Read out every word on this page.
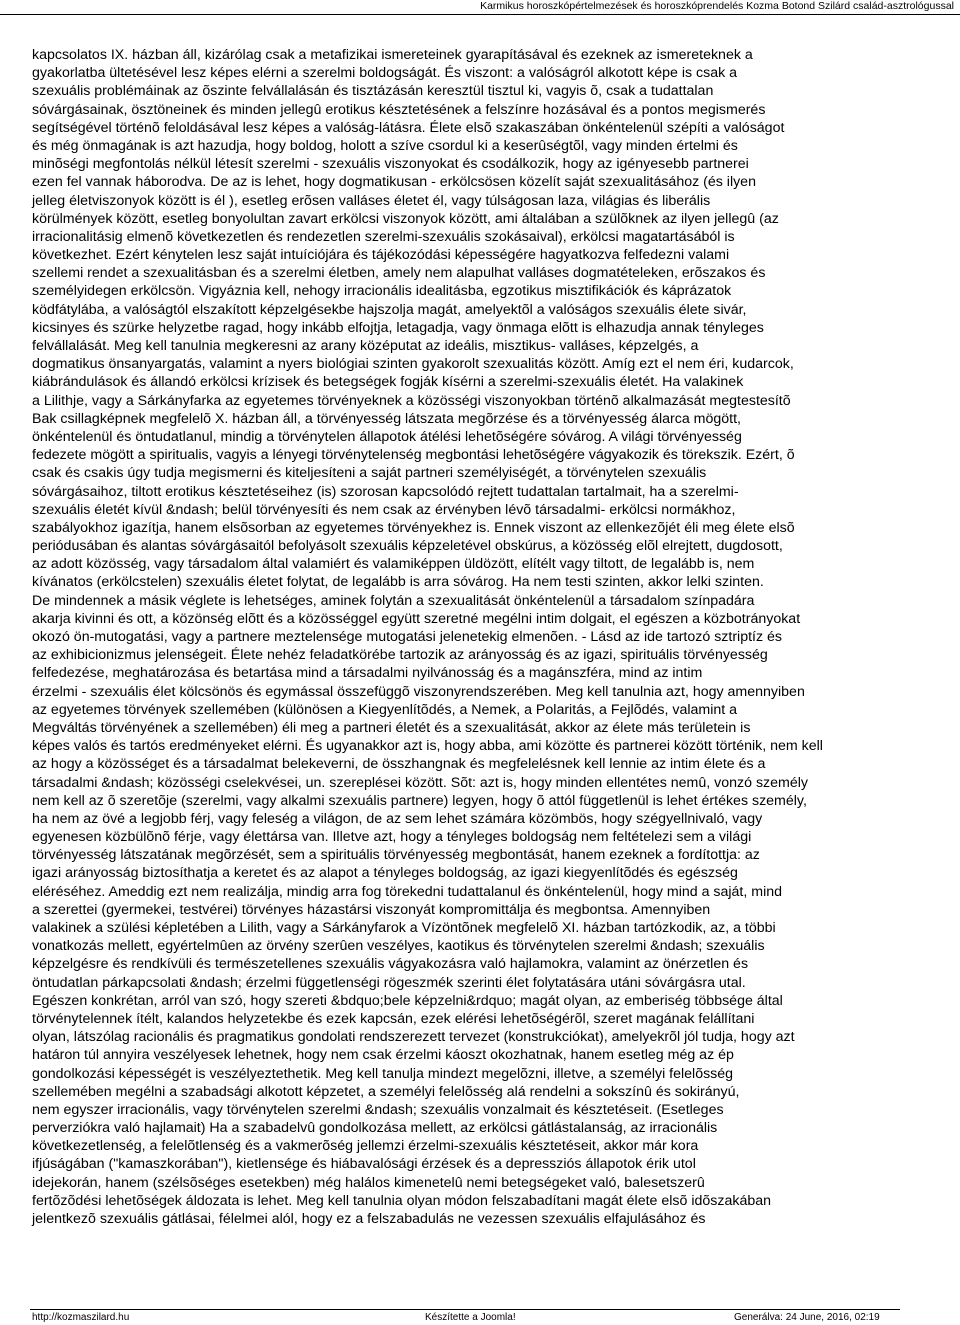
Karmikus horoszkópértelmezések és horoszkóprendelés Kozma Botond Szilárd család-asztrológussal
kapcsolatos IX. házban áll, kizárólag csak a metafizikai ismereteinek gyarapításával és ezeknek az ismereteknek a
gyakorlatba ültetésével lesz képes elérni a szerelmi boldogságát. És viszont: a valóságról alkotott képe is csak a
szexuális problémáinak az õszinte felvállalásán és tisztázásán keresztül tisztul ki, vagyis õ, csak a tudattalan
sóvárgásainak, ösztöneinek és minden jellegû erotikus késztetésének a felszínre hozásával és a pontos megismerés
segítségével történõ feloldásával lesz képes a valóság-látásra. Élete elsõ szakaszában önkéntelenül szépíti a valóságot
és még önmagának is azt hazudja, hogy boldog, holott a szíve csordul ki a keserûségtõl, vagy minden értelmi és
minõségi megfontolás nélkül létesít szerelmi - szexuális viszonyokat és csodálkozik, hogy az igényesebb partnerei
ezen fel vannak háborodva. De az is lehet, hogy dogmatikusan - erkölcsösen közelít saját szexualitásához (és ilyen
jelleg életviszonyok között is él ), esetleg erõsen valláses életet él, vagy túlságosan laza, világias és liberális
körülmények között, esetleg bonyolultan zavart erkölcsi viszonyok között, ami általában a szülõknek az ilyen jellegû (az
irracionalitásig elmenõ következetlen és rendezetlen szerelmi-szexuális szokásaival), erkölcsi magatartásából is
következhet. Ezért kénytelen lesz saját intuíciójára és tájékozódási képességére hagyatkozva felfedezni valami
szellemi rendet a szexualitásban és a szerelmi életben, amely nem alapulhat valláses dogmatételeken, erõszakos és
személyidegen erkölcsön. Vigyáznia kell, nehogy irracionális idealitásba, egzotikus misztifikációk és káprázatok
ködfátylába, a valóságtól elszakított képzelgésekbe hajszolja magát, amelyektõl a valóságos szexuális élete sivár,
kicsinyes és szürke helyzetbe ragad, hogy inkább elfojtja, letagadja, vagy önmaga elõtt is elhazudja annak tényleges
felvállalását. Meg kell tanulnia megkeresni az arany középutat az ideális, misztikus- valláses, képzelgés, a
dogmatikus önsanyargatás, valamint a nyers biológiai szinten gyakorolt szexualitás között. Amíg ezt el nem éri, kudarcok,
kiábrándulások és állandó erkölcsi krízisek és betegségek fogják kísérni a szerelmi-szexuális életét. Ha valakinek
a Lilithje, vagy a Sárkányfarka az egyetemes törvényeknek a közösségi viszonyokban történõ alkalmazását megtestesítõ
Bak csillagképnek megfelelõ X. házban áll, a törvényesség látszata megõrzése és a törvényesség álarca mögött,
önkéntelenül és öntudatlanul, mindig a törvénytelen állapotok átélési lehetõségére sóvárog. A világi törvényesség
fedezete mögött a spiritualis, vagyis a lényegi törvénytelenség megbontási lehetõségére vágyakozik és törekszik. Ezért, õ
csak és csakis úgy tudja megismerni és kiteljesíteni a saját partneri személyiségét, a törvénytelen szexuális
sóvárgásaihoz, tiltott erotikus késztetéseihez (is) szorosan kapcsolódó rejtett tudattalan tartalmait, ha a szerelmi-
szexuális életét kívül &ndash; belül törvényesíti és nem csak az érvényben lévõ társadalmi- erkölcsi normákhoz,
szabályokhoz igazítja, hanem elsõsorban az egyetemes törvényekhez is. Ennek viszont az ellenkezõjét éli meg élete elsõ
periódusában és alantas sóvárgásaitól befolyásolt szexuális képzeletével obskúrus, a közösség elõl elrejtett, dugdosott,
az adott közösség, vagy társadalom által valamiért és valamiképpen üldözött, elítélt vagy tiltott, de legalább is, nem
kívánatos (erkölcstelen) szexuális életet folytat, de legalább is arra sóvárog. Ha nem testi szinten, akkor lelki szinten.
De mindennek a másik véglete is lehetséges, aminek folytán a szexualitását önkéntelenül a társadalom színpadára
akarja kivinni és ott, a közönség elõtt és a közösséggel együtt szeretné megélni intim dolgait, el egészen a közbotrányokat
okozó ön-mutogatási, vagy a partnere meztelensége mutogatási jelenetekig elmenõen. - Lásd az ide tartozó sztriptíz és
az exhibicionizmus jelenségeit. Élete nehéz feladatkörébe tartozik az arányosság és az igazi, spirituális törvényesség
felfedezése, meghatározása és betartása mind a társadalmi nyilvánosság és a magánszféra, mind az intim
érzelmi - szexuális élet kölcsönös és egymással összefüggõ viszonyrendszerében. Meg kell tanulnia azt, hogy amennyiben
az egyetemes törvények szellemében (különösen a Kiegyenlítõdés, a Nemek, a Polaritás, a Fejlõdés, valamint a
Megváltás törvényének a szellemében) éli meg a partneri életét és a szexualitását, akkor az élete más területein is
képes valós és tartós eredményeket elérni. És ugyanakkor azt is, hogy abba, ami közötte és partnerei között történik, nem kell
az hogy a közösséget és a társadalmat belekeverni, de összhangnak és megfelelésnek kell lennie az intim élete és a
társadalmi &ndash; közösségi cselekvései, un. szereplései között. Sõt: azt is, hogy minden ellentétes nemû, vonzó személy
nem kell az õ szeretõje (szerelmi, vagy alkalmi szexuális partnere) legyen, hogy õ attól függetlenül is lehet értékes személy,
ha nem az övé a legjobb férj, vagy feleség a világon, de az sem lehet számára közömbös, hogy szégyellnivaló, vagy
egyenesen közbülõnõ férje, vagy élettársa van. Illetve azt, hogy a tényleges boldogság nem feltételezi sem a világi
törvényesség látszatának megõrzését, sem a spirituális törvényesség megbontását, hanem ezeknek a fordítottja: az
igazi arányosság biztosíthatja a keretet és az alapot a tényleges boldogság, az igazi kiegyenlítõdés és egészség
eléréséhez. Ameddig ezt nem realizálja, mindig arra fog törekedni tudattalanul és önkéntelenül, hogy mind a saját, mind
a szerettei (gyermekei, testvérei) törvényes házastársi viszonyát kompromittálja és megbontsa. Amennyiben
valakinek a szülési képletében a Lilith, vagy a Sárkányfarok a Vízöntõnek megfelelõ XI. házban tartózkodik, az, a többi
vonatkozás mellett, egyértelmûen az örvény szerûen veszélyes, kaotikus és törvénytelen szerelmi &ndash; szexuális
képzelgésre és rendkívüli és természetellenes szexuális vágyakozásra való hajlamokra, valamint az önérzetlen és
öntudatlan párkapcsolati &ndash; érzelmi függetlenségi rögeszmék szerinti élet folytatására utáni sóvárgásra utal.
Egészen konkrétan, arról van szó, hogy szereti &bdquo;bele képzelni&rdquo; magát olyan, az emberiség többsége által
törvénytelennek ítélt, kalandos helyzetekbe és ezek kapcsán, ezek elérési lehetõségérõl, szeret magának felállítani
olyan, látszólag racionális és pragmatikus gondolati rendszerezett tervezet (konstrukciókat), amelyekrõl jól tudja, hogy azt
határon túl annyira veszélyesek lehetnek, hogy nem csak érzelmi káoszt okozhatnak, hanem esetleg még az ép
gondolkozási képességét is veszélyeztethetik. Meg kell tanulja mindezt megelõzni, illetve, a személyi felelõsség
szellemében megélni a szabadsági alkotott képzetet, a személyi felelõsség alá rendelni a sokszínû és sokirányú,
nem egyszer irracionális, vagy törvénytelen szerelmi &ndash; szexuális vonzalmait és késztetéseit. (Esetleges
perverziókra való hajlamait) Ha a szabadelvû gondolkozása mellett, az erkölcsi gátlástalanság, az irracionális
következetlenség, a felelõtlenség és a vakmerõség jellemzi érzelmi-szexuális késztetéseit, akkor már kora
ifjúságában ("kamaszkorában"), kietlensége és hiábavalósági érzések és a depressziós állapotok érik utol
idejekorán, hanem (szélsõséges esetekben) még halálos kimenetelû nemi betegségeket való, balesetszerû
fertõzõdési lehetõségek áldozata is lehet. Meg kell tanulnia olyan módon felszabadítani magát élete elsõ idõszakában
jelentkezõ szexuális gátlásai, félelmei alól, hogy ez a felszabadulás ne vezessen szexuális elfajulásához és
http://kozmaszilard.hu	Készítette a Joomla!	Generálva: 24 June, 2016, 02:19
